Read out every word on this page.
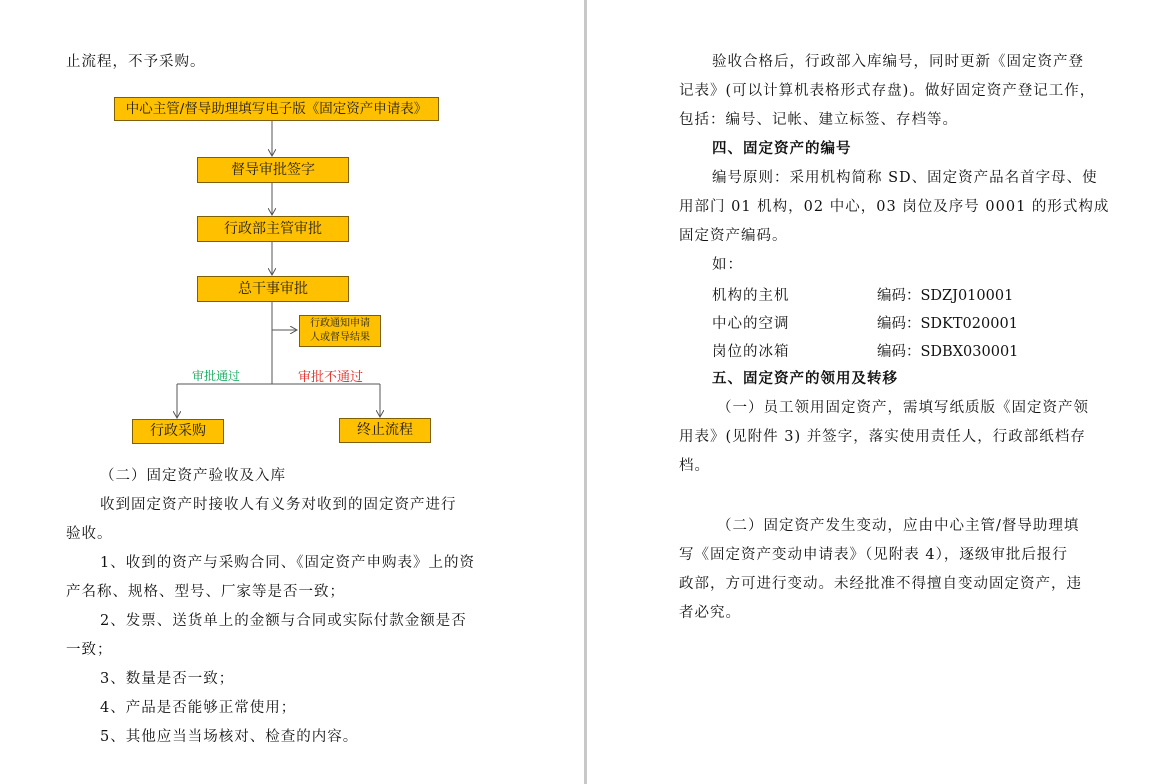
止流程，不予采购。
中心主管/督导助理填写电子版《固定资产申请表》
督导审批签字
行政部主管审批
总干事审批
行政通知申请
人或督导结果
审批通过	审批不通过
行政采购	终止流程
（二）固定资产验收及入库
收到固定资产时接收人有义务对收到的固定资产进行
验收。
1、收到的资产与采购合同、《固定资产申购表》上的资
产名称、规格、型号、厂家等是否一致；
2、发票、送货单上的金额与合同或实际付款金额是否
一致；
3、数量是否一致；
4、产品是否能够正常使用；
5、其他应当当场核对、检查的内容。
验收合格后，行政部入库编号，同时更新《固定资产登
记表》(可以计算机表格形式存盘)。做好固定资产登记工作，
包括：编号、记帐、建立标签、存档等。
四、固定资产的编号
编号原则：采用机构简称 SD、固定资产品名首字母、使
用部门 01 机构，02 中心，03 岗位及序号 0001 的形式构成
固定资产编码。
如：
机构的主机	编码：SDZJ010001
中心的空调	编码：SDKT020001
岗位的冰箱	编码：SDBX030001
五、固定资产的领用及转移
（一）员工领用固定资产，需填写纸质版《固定资产领
用表》(见附件 3) 并签字，落实使用责任人，行政部纸档存
档。
（二）固定资产发生变动，应由中心主管/督导助理填
写《固定资产变动申请表》（见附表 4），逐级审批后报行
政部，方可进行变动。未经批准不得擅自变动固定资产，违
者必究。
